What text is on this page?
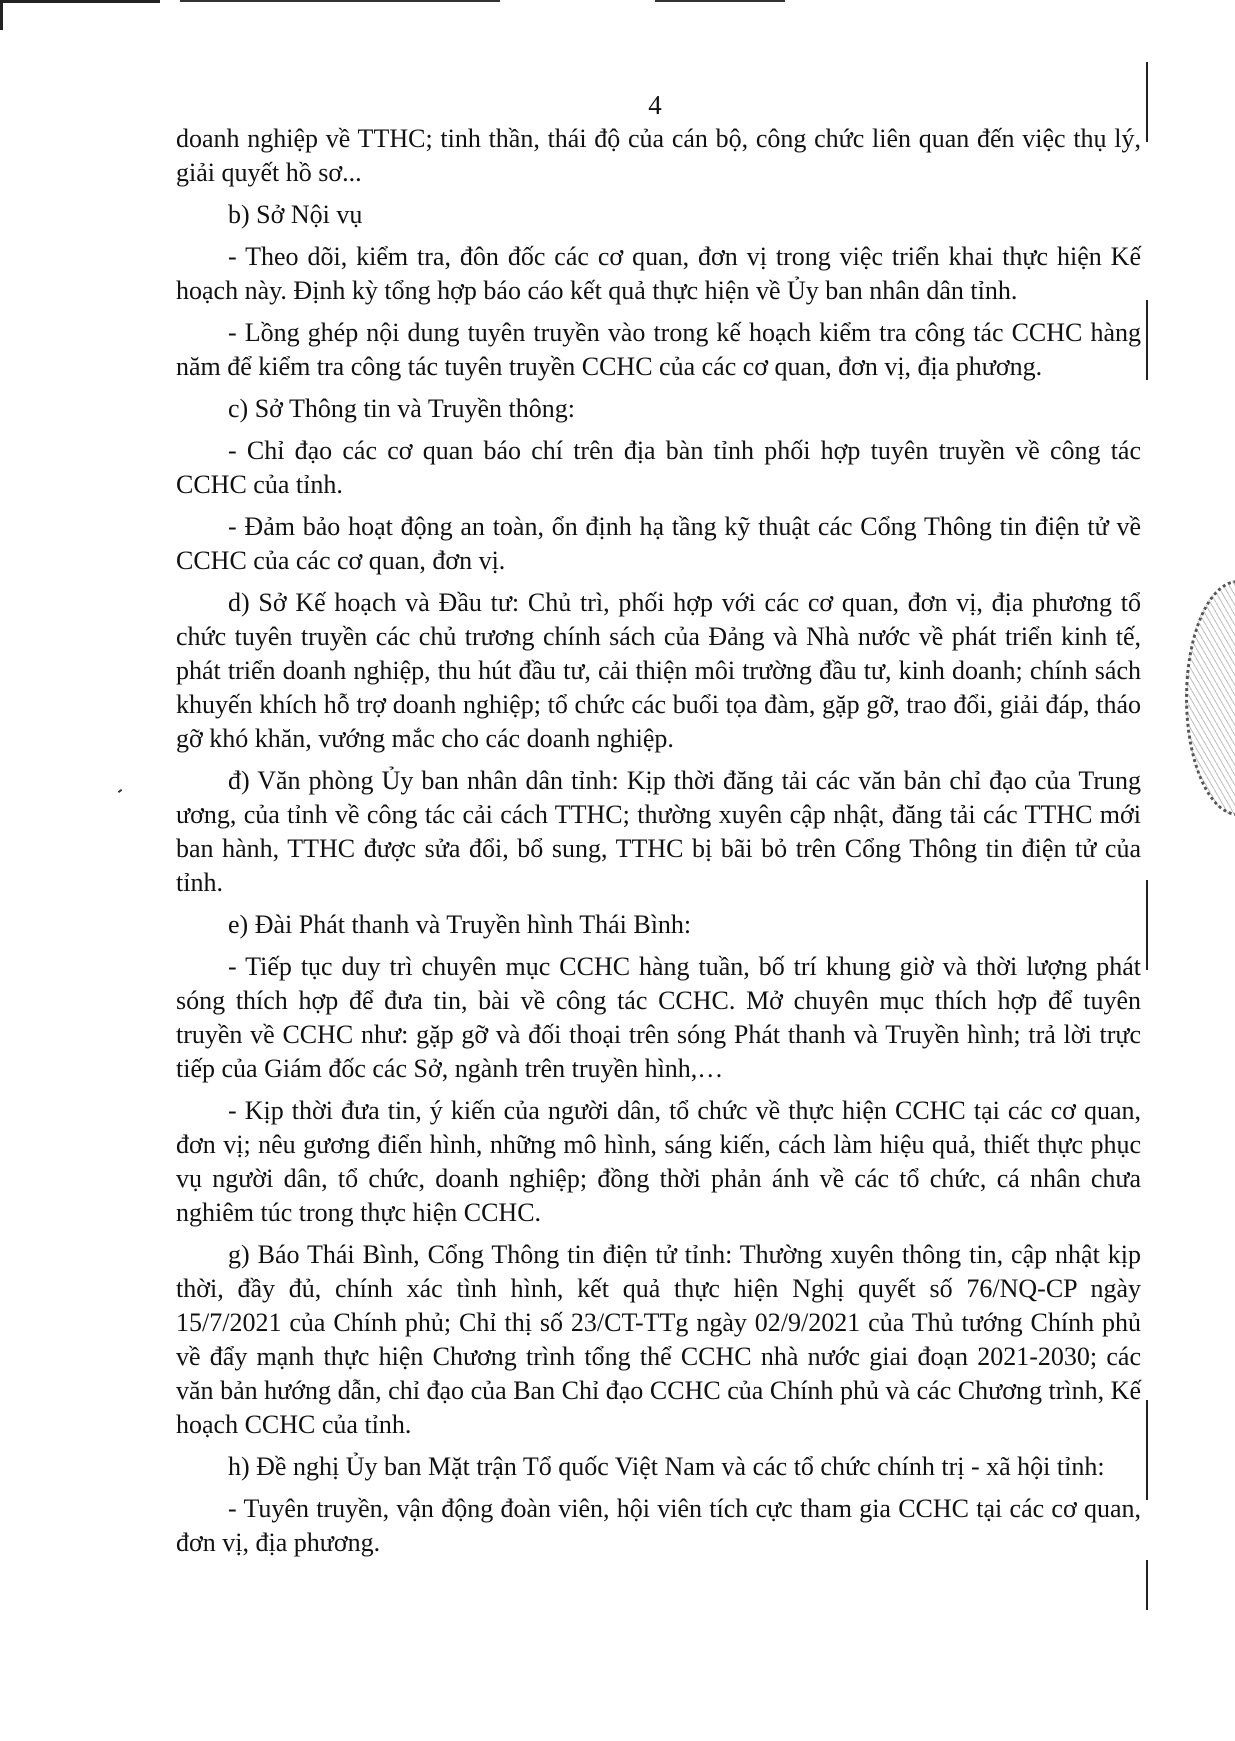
4

doanh nghiệp về TTHC; tinh thần, thái độ của cán bộ, công chức liên quan đến việc thụ lý, giải quyết hồ sơ...

b) Sở Nội vụ

- Theo dõi, kiểm tra, đôn đốc các cơ quan, đơn vị trong việc triển khai thực hiện Kế hoạch này. Định kỳ tổng hợp báo cáo kết quả thực hiện về Ủy ban nhân dân tỉnh.

- Lồng ghép nội dung tuyên truyền vào trong kế hoạch kiểm tra công tác CCHC hàng năm để kiểm tra công tác tuyên truyền CCHC của các cơ quan, đơn vị, địa phương.

c) Sở Thông tin và Truyền thông:

- Chỉ đạo các cơ quan báo chí trên địa bàn tỉnh phối hợp tuyên truyền về công tác CCHC của tỉnh.

- Đảm bảo hoạt động an toàn, ổn định hạ tầng kỹ thuật các Cổng Thông tin điện tử về CCHC của các cơ quan, đơn vị.

d) Sở Kế hoạch và Đầu tư: Chủ trì, phối hợp với các cơ quan, đơn vị, địa phương tổ chức tuyên truyền các chủ trương chính sách của Đảng và Nhà nước về phát triển kinh tế, phát triển doanh nghiệp, thu hút đầu tư, cải thiện môi trường đầu tư, kinh doanh; chính sách khuyến khích hỗ trợ doanh nghiệp; tổ chức các buổi tọa đàm, gặp gỡ, trao đổi, giải đáp, tháo gỡ khó khăn, vướng mắc cho các doanh nghiệp.

đ) Văn phòng Ủy ban nhân dân tỉnh: Kịp thời đăng tải các văn bản chỉ đạo của Trung ương, của tỉnh về công tác cải cách TTHC; thường xuyên cập nhật, đăng tải các TTHC mới ban hành, TTHC được sửa đổi, bổ sung, TTHC bị bãi bỏ trên Cổng Thông tin điện tử của tỉnh.

e) Đài Phát thanh và Truyền hình Thái Bình:

- Tiếp tục duy trì chuyên mục CCHC hàng tuần, bố trí khung giờ và thời lượng phát sóng thích hợp để đưa tin, bài về công tác CCHC. Mở chuyên mục thích hợp để tuyên truyền về CCHC như: gặp gỡ và đối thoại trên sóng Phát thanh và Truyền hình; trả lời trực tiếp của Giám đốc các Sở, ngành trên truyền hình,…

- Kịp thời đưa tin, ý kiến của người dân, tổ chức về thực hiện CCHC tại các cơ quan, đơn vị; nêu gương điển hình, những mô hình, sáng kiến, cách làm hiệu quả, thiết thực phục vụ người dân, tổ chức, doanh nghiệp; đồng thời phản ánh về các tổ chức, cá nhân chưa nghiêm túc trong thực hiện CCHC.

g) Báo Thái Bình, Cổng Thông tin điện tử tỉnh: Thường xuyên thông tin, cập nhật kịp thời, đầy đủ, chính xác tình hình, kết quả thực hiện Nghị quyết số 76/NQ-CP ngày 15/7/2021 của Chính phủ; Chỉ thị số 23/CT-TTg ngày 02/9/2021 của Thủ tướng Chính phủ về đẩy mạnh thực hiện Chương trình tổng thể CCHC nhà nước giai đoạn 2021-2030; các văn bản hướng dẫn, chỉ đạo của Ban Chỉ đạo CCHC của Chính phủ và các Chương trình, Kế hoạch CCHC của tỉnh.

h) Đề nghị Ủy ban Mặt trận Tổ quốc Việt Nam và các tổ chức chính trị - xã hội tỉnh:

- Tuyên truyền, vận động đoàn viên, hội viên tích cực tham gia CCHC tại các cơ quan, đơn vị, địa phương.
